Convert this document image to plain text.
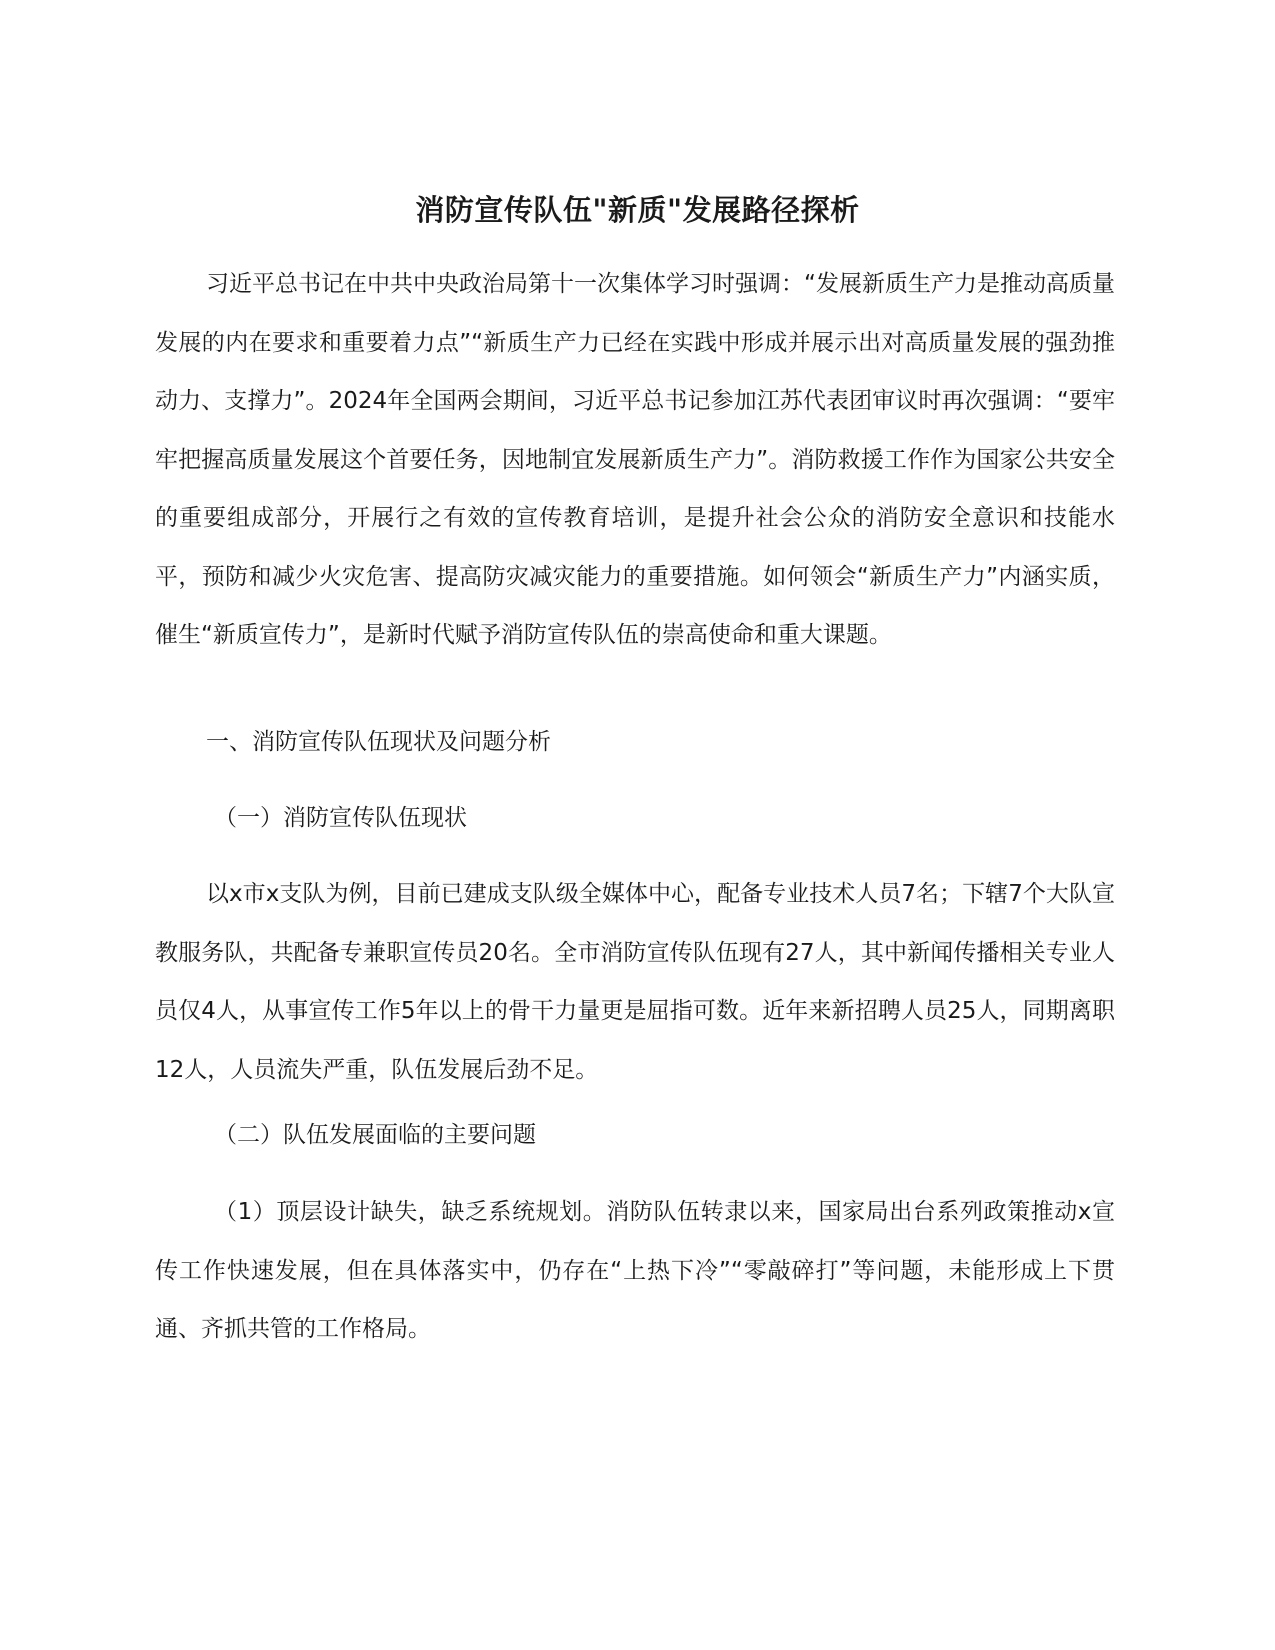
消防宣传队伍"新质"发展路径探析

习近平总书记在中共中央政治局第十一次集体学习时强调：“发展新质生产力是推动高质量发展的内在要求和重要着力点”“新质生产力已经在实践中形成并展示出对高质量发展的强劲推动力、支撑力”。2024年全国两会期间，习近平总书记参加江苏代表团审议时再次强调：“要牢牢把握高质量发展这个首要任务，因地制宜发展新质生产力”。消防救援工作作为国家公共安全的重要组成部分，开展行之有效的宣传教育培训，是提升社会公众的消防安全意识和技能水平，预防和减少火灾危害、提高防灾减灾能力的重要措施。如何领会“新质生产力”内涵实质，催生“新质宣传力”，是新时代赋予消防宣传队伍的崇高使命和重大课题。

一、消防宣传队伍现状及问题分析

（一）消防宣传队伍现状

以x市x支队为例，目前已建成支队级全媒体中心，配备专业技术人员7名；下辖7个大队宣教服务队，共配备专兼职宣传员20名。全市消防宣传队伍现有27人，其中新闻传播相关专业人员仅4人，从事宣传工作5年以上的骨干力量更是屈指可数。近年来新招聘人员25人，同期离职12人，人员流失严重，队伍发展后劲不足。

（二）队伍发展面临的主要问题

（1）顶层设计缺失，缺乏系统规划。消防队伍转隶以来，国家局出台系列政策推动x宣传工作快速发展，但在具体落实中，仍存在“上热下冷”“零敲碎打”等问题，未能形成上下贯通、齐抓共管的工作格局。
